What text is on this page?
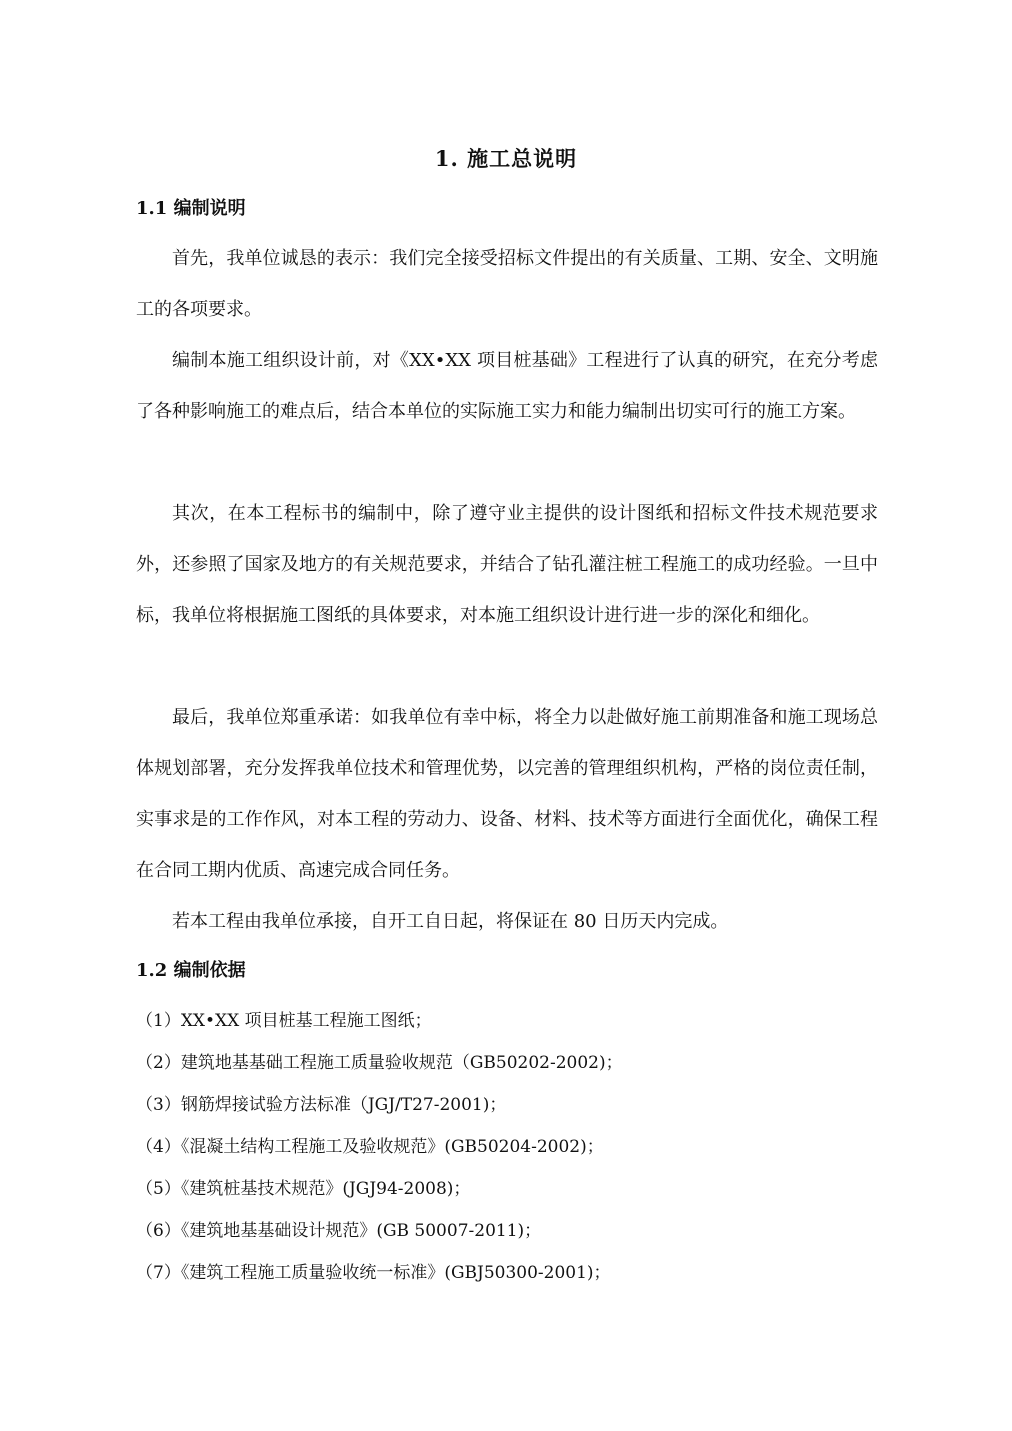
1. 施工总说明
1.1 编制说明

首先，我单位诚恳的表示：我们完全接受招标文件提出的有关质量、工期、安全、文明施工的各项要求。

编制本施工组织设计前，对《XX•XX 项目桩基础》工程进行了认真的研究，在充分考虑了各种影响施工的难点后，结合本单位的实际施工实力和能力编制出切实可行的施工方案。

其次，在本工程标书的编制中，除了遵守业主提供的设计图纸和招标文件技术规范要求外，还参照了国家及地方的有关规范要求，并结合了钻孔灌注桩工程施工的成功经验。一旦中标，我单位将根据施工图纸的具体要求，对本施工组织设计进行进一步的深化和细化。

最后，我单位郑重承诺：如我单位有幸中标，将全力以赴做好施工前期准备和施工现场总体规划部署，充分发挥我单位技术和管理优势，以完善的管理组织机构，严格的岗位责任制，实事求是的工作作风，对本工程的劳动力、设备、材料、技术等方面进行全面优化，确保工程在合同工期内优质、高速完成合同任务。

若本工程由我单位承接，自开工自日起，将保证在 80 日历天内完成。

1.2 编制依据
（1）XX•XX 项目桩基工程施工图纸；
（2）建筑地基基础工程施工质量验收规范（GB50202-2002)；
（3）钢筋焊接试验方法标准（JGJ/T27-2001)；
（4）《混凝土结构工程施工及验收规范》(GB50204-2002)；
（5）《建筑桩基技术规范》(JGJ94-2008)；
（6）《建筑地基基础设计规范》(GB 50007-2011)；
（7）《建筑工程施工质量验收统一标准》(GBJ50300-2001)；
